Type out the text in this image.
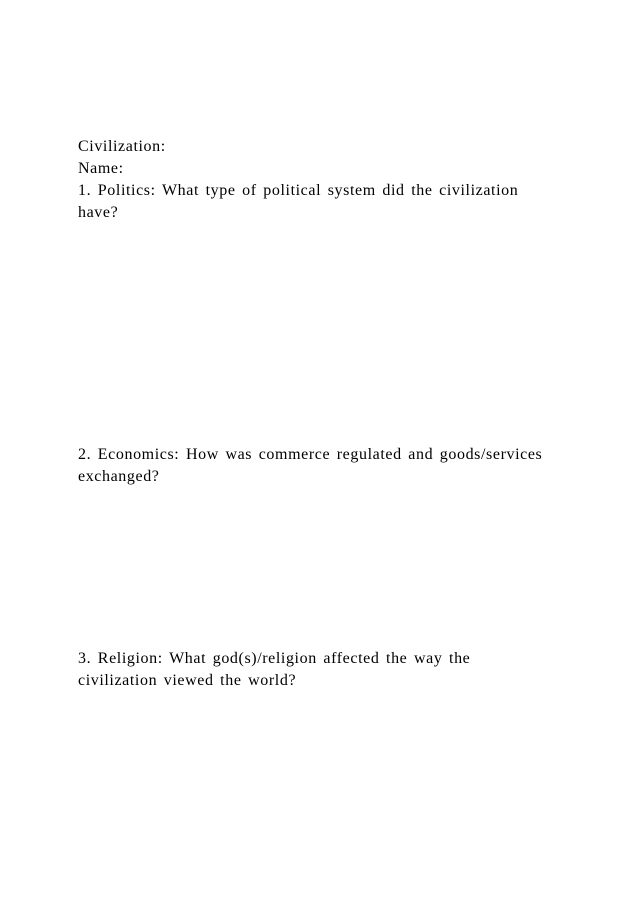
Civilization:
Name:
1. Politics: What type of political system did the civilization
have?
2. Economics: How was commerce regulated and goods/services
exchanged?
3. Religion: What god(s)/religion affected the way the
civilization viewed the world?
